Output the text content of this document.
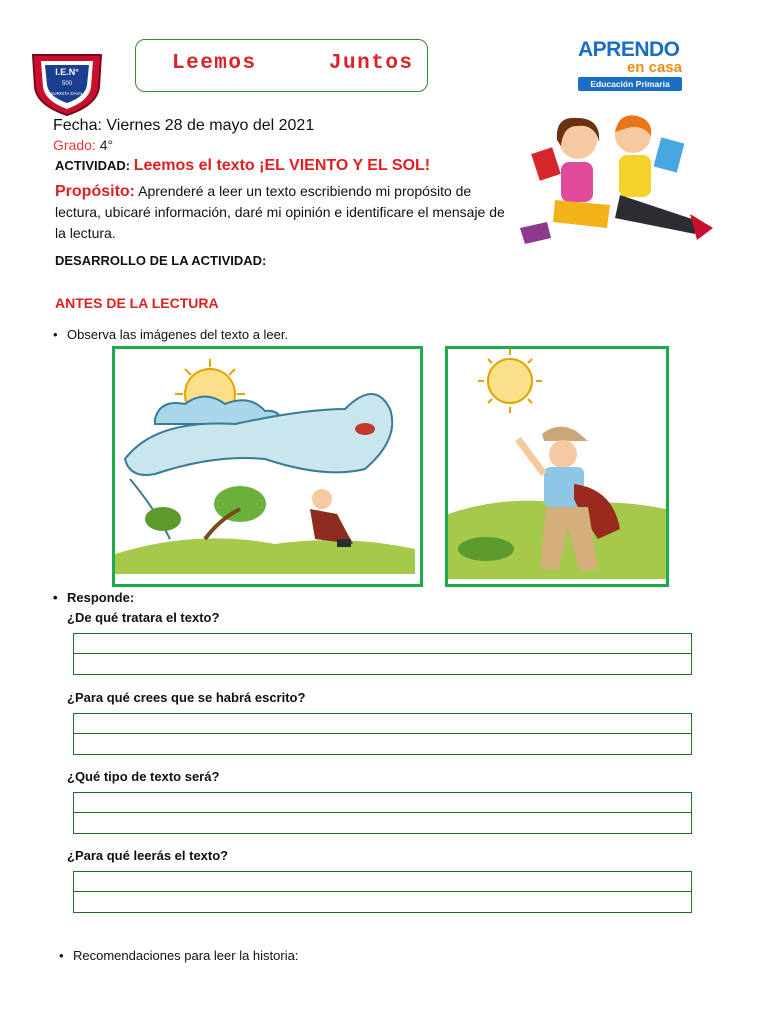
I.E.N°
500
LAURISTA DAVILA
Leemos   Juntos
APRENDO
en casa
Educación Primaria
Fecha: Viernes 28 de mayo del 2021
Grado: 4°
ACTIVIDAD: Leemos el texto ¡EL VIENTO Y EL SOL!
Propósito: Aprenderé a leer un texto escribiendo mi propósito de lectura, ubicaré información, daré mi opinión e identificare el mensaje de la lectura.
DESARROLLO DE LA ACTIVIDAD:
ANTES DE LA LECTURA
• Observa las imágenes del texto a leer.
• Responde:
¿De qué tratara el texto?
¿Para qué crees que se habrá escrito?
¿Qué tipo de texto será?
¿Para qué leerás el texto?
• Recomendaciones para leer la historia:
